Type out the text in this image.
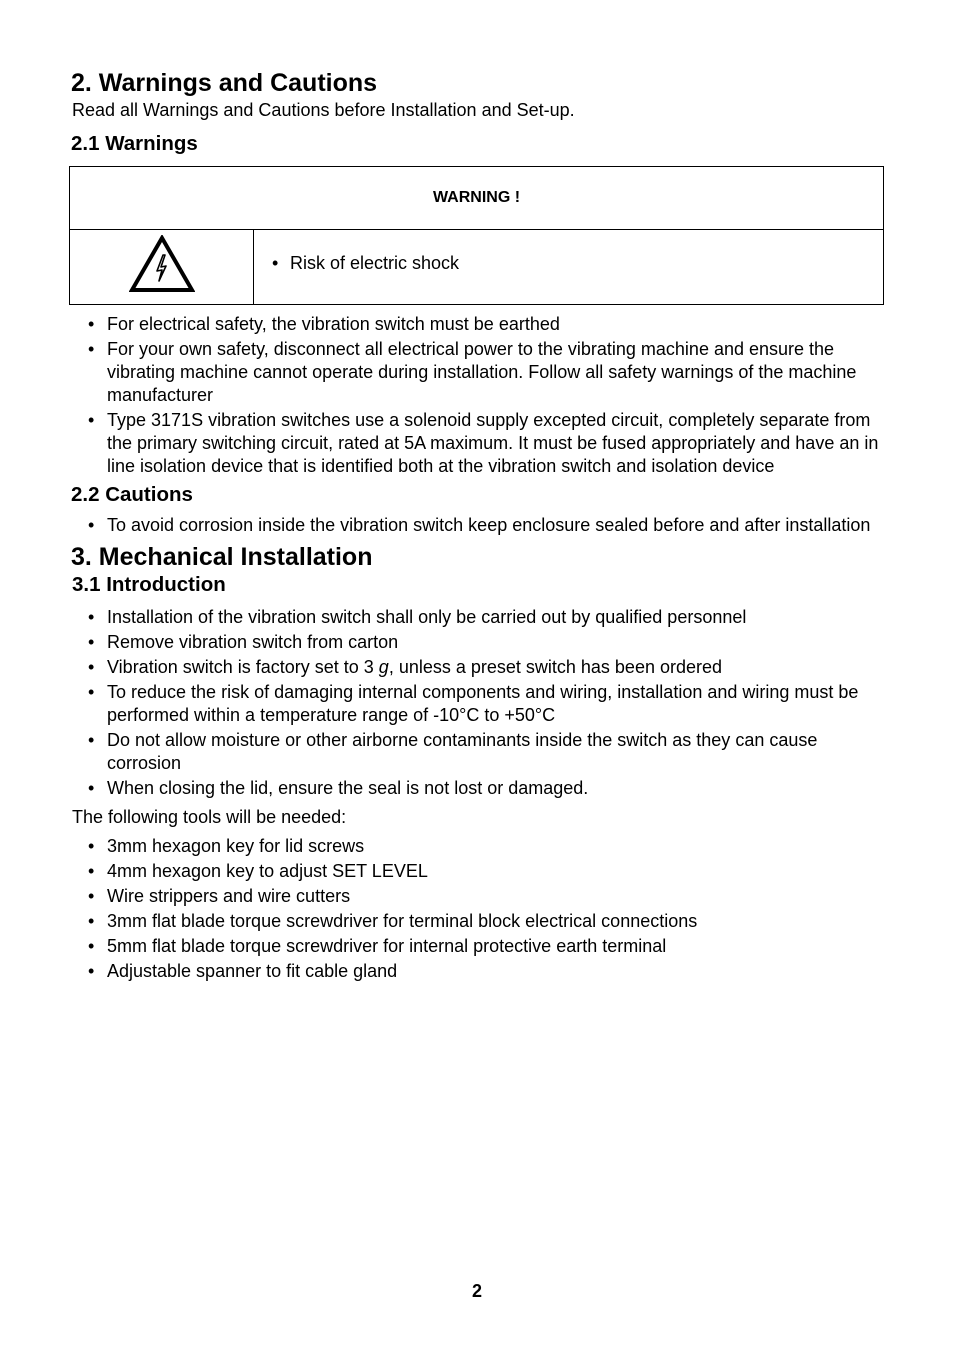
2. Warnings and Cautions

Read all Warnings and Cautions before Installation and Set-up.

2.1 Warnings
WARNING !
• Risk of electric shock
• For electrical safety, the vibration switch must be earthed
• For your own safety, disconnect all electrical power to the vibrating machine and ensure the vibrating machine cannot operate during installation. Follow all safety warnings of the machine manufacturer
• Type 3171S vibration switches use a solenoid supply excepted circuit, completely separate from the primary switching circuit, rated at 5A maximum. It must be fused appropriately and have an in line isolation device that is identified both at the vibration switch and isolation device
2.2 Cautions
• To avoid corrosion inside the vibration switch keep enclosure sealed before and after installation
3. Mechanical Installation
3.1 Introduction
• Installation of the vibration switch shall only be carried out by qualified personnel
• Remove vibration switch from carton
• Vibration switch is factory set to 3 g, unless a preset switch has been ordered
• To reduce the risk of damaging internal components and wiring, installation and wiring must be performed within a temperature range of -10°C to +50°C
• Do not allow moisture or other airborne contaminants inside the switch as they can cause corrosion
• When closing the lid, ensure the seal is not lost or damaged.

The following tools will be needed:

• 3mm hexagon key for lid screws
• 4mm hexagon key to adjust SET LEVEL
• Wire strippers and wire cutters
• 3mm flat blade torque screwdriver for terminal block electrical connections
• 5mm flat blade torque screwdriver for internal protective earth terminal
• Adjustable spanner to fit cable gland
2
